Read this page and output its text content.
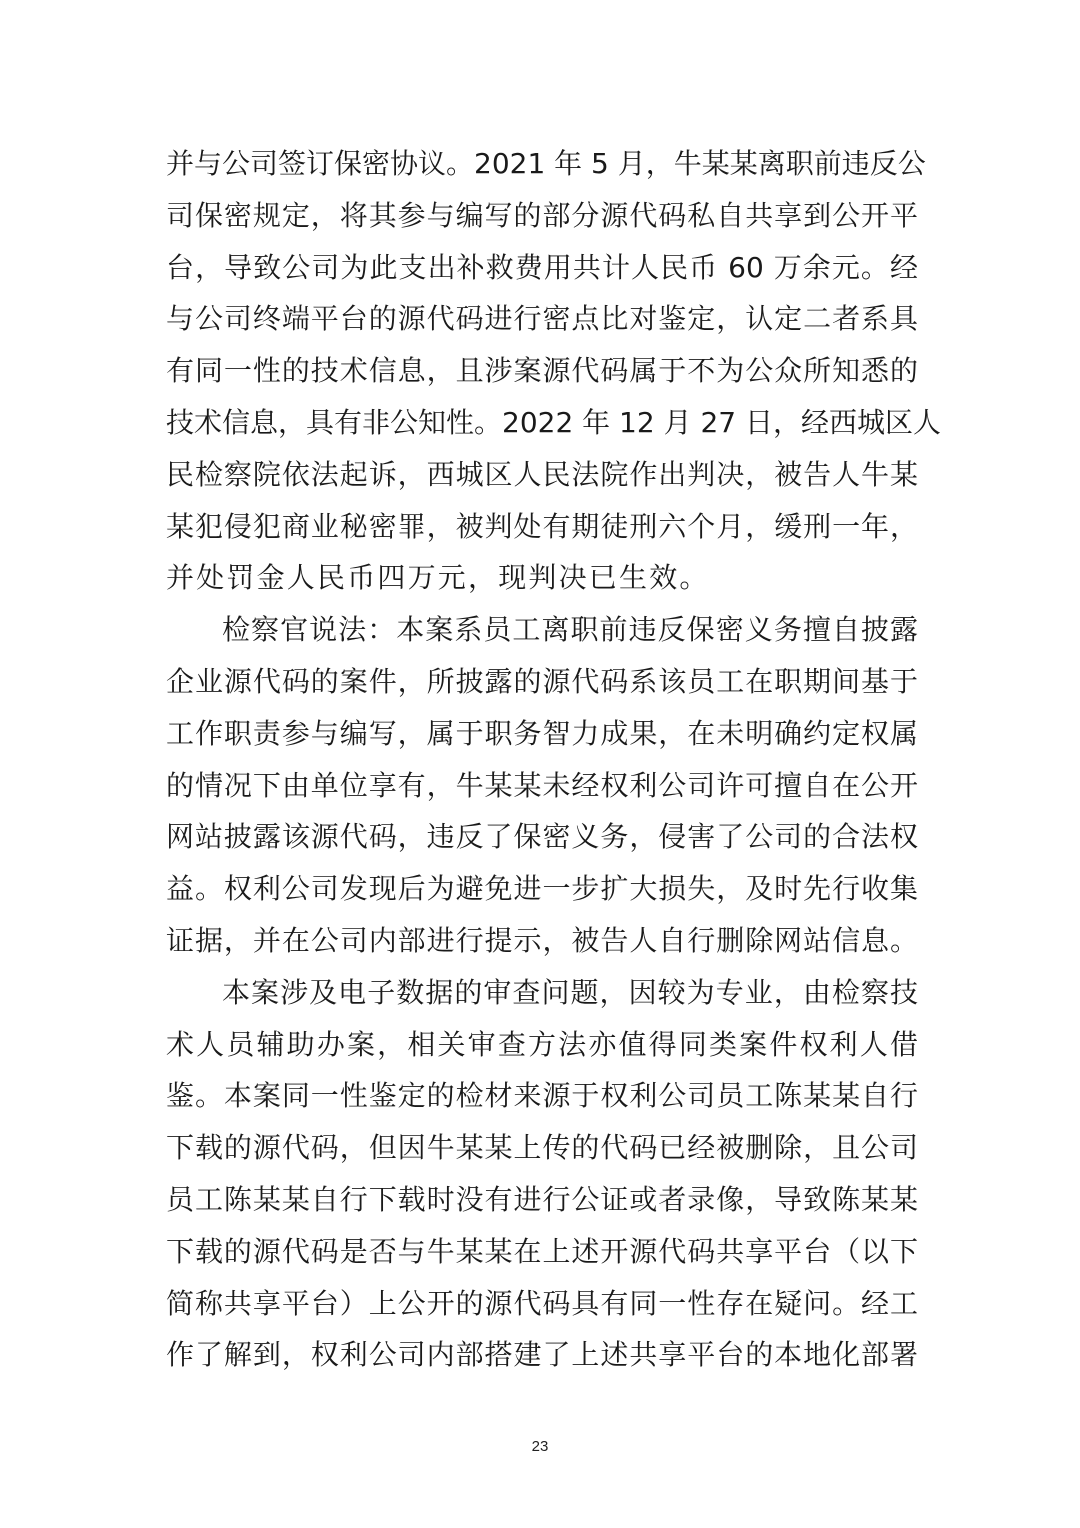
并与公司签订保密协议。2021 年 5 月，牛某某离职前违反公
司保密规定，将其参与编写的部分源代码私自共享到公开平
台，导致公司为此支出补救费用共计人民币 60 万余元。经
与公司终端平台的源代码进行密点比对鉴定，认定二者系具
有同一性的技术信息，且涉案源代码属于不为公众所知悉的
技术信息，具有非公知性。2022 年 12 月 27 日，经西城区人
民检察院依法起诉，西城区人民法院作出判决，被告人牛某
某犯侵犯商业秘密罪，被判处有期徒刑六个月，缓刑一年，
并处罚金人民币四万元，现判决已生效。
检察官说法：本案系员工离职前违反保密义务擅自披露
企业源代码的案件，所披露的源代码系该员工在职期间基于
工作职责参与编写，属于职务智力成果，在未明确约定权属
的情况下由单位享有，牛某某未经权利公司许可擅自在公开
网站披露该源代码，违反了保密义务，侵害了公司的合法权
益。权利公司发现后为避免进一步扩大损失，及时先行收集
证据，并在公司内部进行提示，被告人自行删除网站信息。
本案涉及电子数据的审查问题，因较为专业，由检察技
术人员辅助办案，相关审查方法亦值得同类案件权利人借
鉴。本案同一性鉴定的检材来源于权利公司员工陈某某自行
下载的源代码，但因牛某某上传的代码已经被删除，且公司
员工陈某某自行下载时没有进行公证或者录像，导致陈某某
下载的源代码是否与牛某某在上述开源代码共享平台（以下
简称共享平台）上公开的源代码具有同一性存在疑问。经工
作了解到，权利公司内部搭建了上述共享平台的本地化部署
23
